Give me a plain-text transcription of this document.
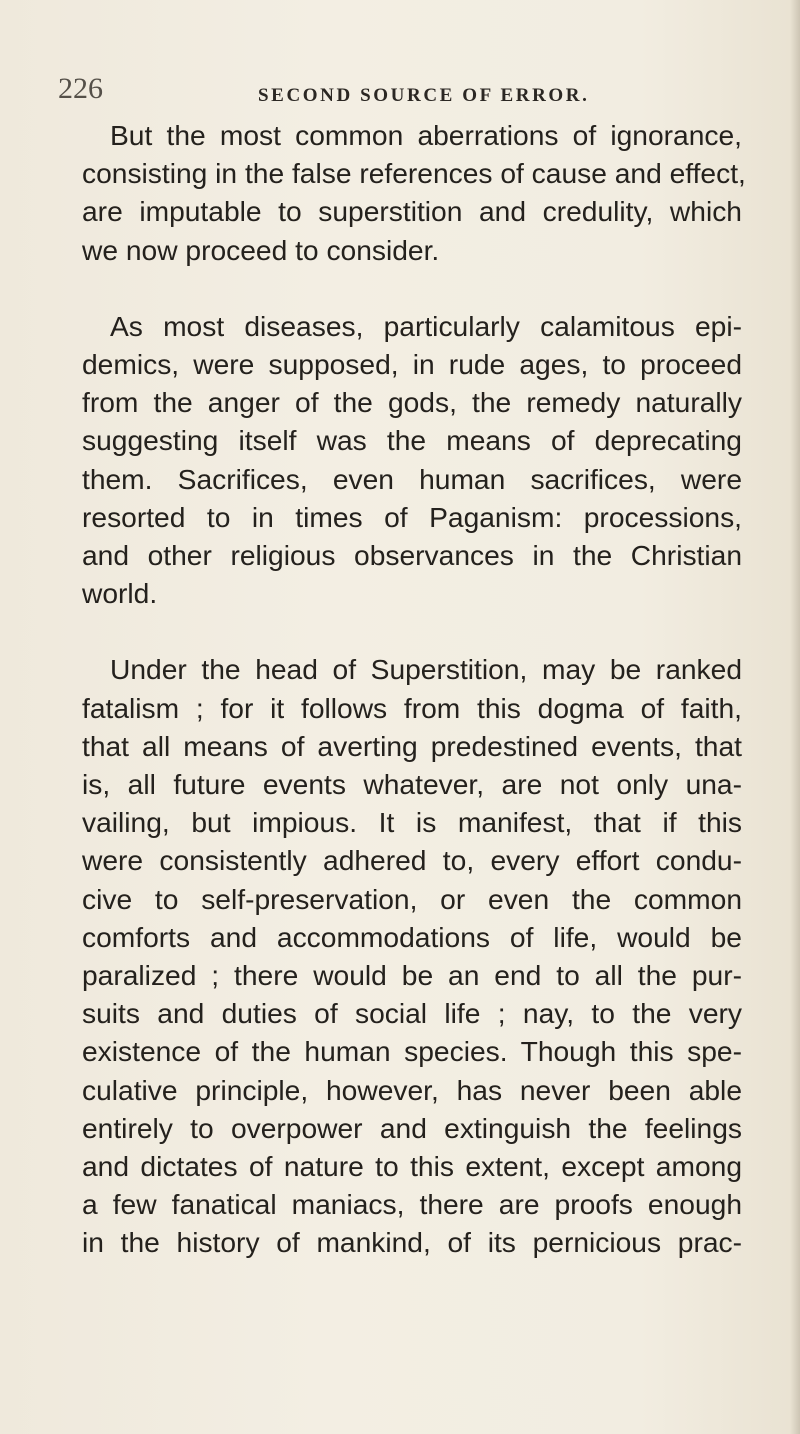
226	SECOND SOURCE OF ERROR.

But the most common aberrations of ignorance,
consisting in the false references of cause and effect,
are imputable to superstition and credulity, which
we now proceed to consider.

As most diseases, particularly calamitous epi-
demics, were supposed, in rude ages, to proceed
from the anger of the gods, the remedy naturally
suggesting itself was the means of deprecating
them. Sacrifices, even human sacrifices, were
resorted to in times of Paganism: processions,
and other religious observances in the Christian
world.

Under the head of Superstition, may be ranked
fatalism ; for it follows from this dogma of faith,
that all means of averting predestined events, that
is, all future events whatever, are not only una-
vailing, but impious. It is manifest, that if this
were consistently adhered to, every effort condu-
cive to self-preservation, or even the common
comforts and accommodations of life, would be
paralized ; there would be an end to all the pur-
suits and duties of social life ; nay, to the very
existence of the human species. Though this spe-
culative principle, however, has never been able
entirely to overpower and extinguish the feelings
and dictates of nature to this extent, except among
a few fanatical maniacs, there are proofs enough
in the history of mankind, of its pernicious prac-
